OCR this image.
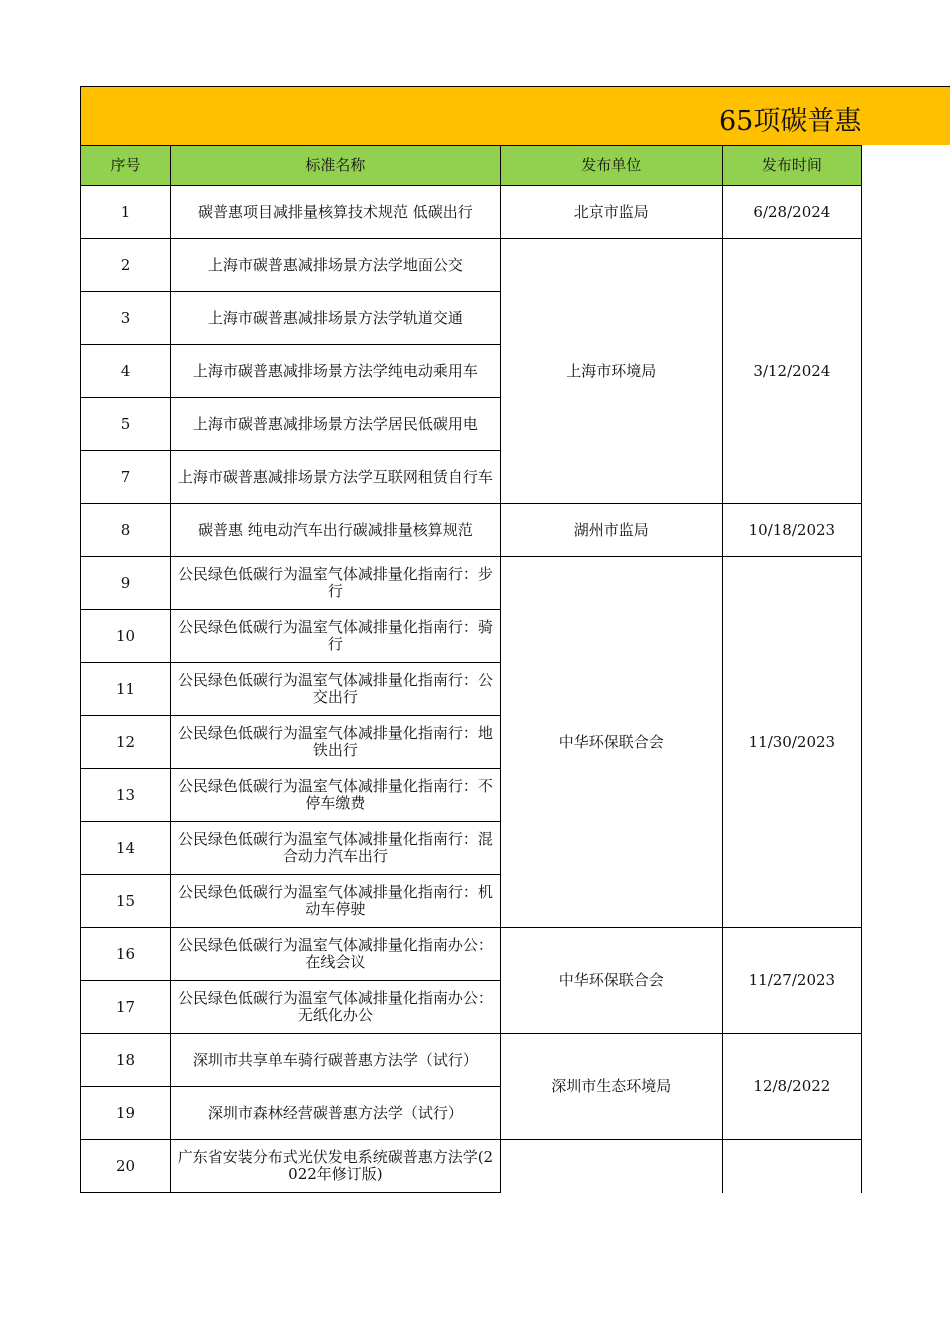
65项碳普惠
序号	标准名称	发布单位	发布时间
1	碳普惠项目减排量核算技术规范 低碳出行	北京市监局	6/28/2024
2	上海市碳普惠减排场景方法学地面公交	上海市环境局	3/12/2024
3	上海市碳普惠减排场景方法学轨道交通		
4	上海市碳普惠减排场景方法学纯电动乘用车		
5	上海市碳普惠减排场景方法学居民低碳用电		
7	上海市碳普惠减排场景方法学互联网租赁自行车		
8	碳普惠 纯电动汽车出行碳减排量核算规范	湖州市监局	10/18/2023
9	公民绿色低碳行为温室气体减排量化指南行：步行	中华环保联合会	11/30/2023
10	公民绿色低碳行为温室气体减排量化指南行：骑行		
11	公民绿色低碳行为温室气体减排量化指南行：公交出行		
12	公民绿色低碳行为温室气体减排量化指南行：地铁出行		
13	公民绿色低碳行为温室气体减排量化指南行：不停车缴费		
14	公民绿色低碳行为温室气体减排量化指南行：混合动力汽车出行		
15	公民绿色低碳行为温室气体减排量化指南行：机动车停驶		
16	公民绿色低碳行为温室气体减排量化指南办公：在线会议	中华环保联合会	11/27/2023
17	公民绿色低碳行为温室气体减排量化指南办公：无纸化办公		
18	深圳市共享单车骑行碳普惠方法学（试行）	深圳市生态环境局	12/8/2022
19	深圳市森林经营碳普惠方法学（试行）		
20	广东省安装分布式光伏发电系统碳普惠方法学(2022年修订版)		
